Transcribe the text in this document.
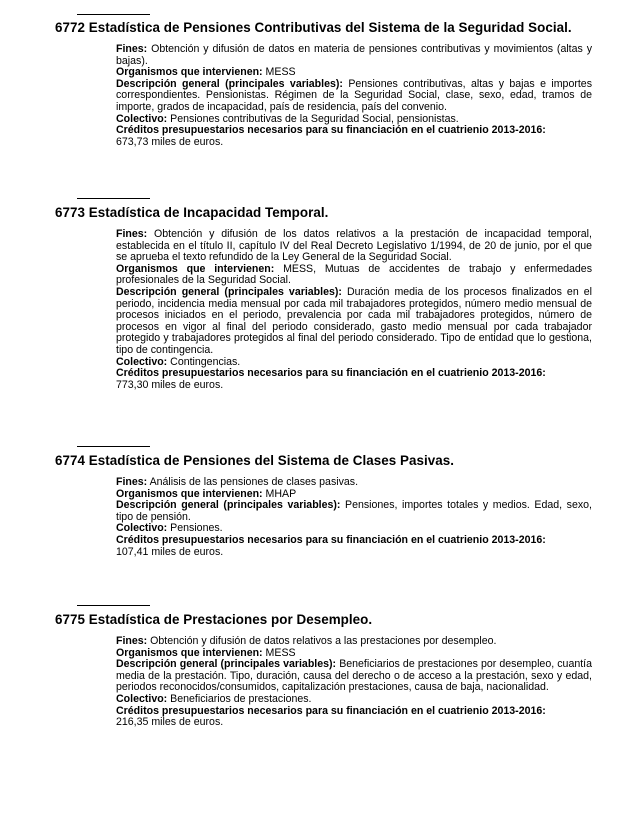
6772 Estadística de Pensiones Contributivas del Sistema de la Seguridad Social.

Fines: Obtención y difusión de datos en materia de pensiones contributivas y movimientos (altas y bajas).

Organismos que intervienen: MESS

Descripción general (principales variables): Pensiones contributivas, altas y bajas e importes correspondientes. Pensionistas. Régimen de la Seguridad Social, clase, sexo, edad, tramos de importe, grados de incapacidad, país de residencia, país del convenio.

Colectivo: Pensiones contributivas de la Seguridad Social, pensionistas.

Créditos presupuestarios necesarios para su financiación en el cuatrienio 2013-2016:
673,73 miles de euros.

6773 Estadística de Incapacidad Temporal.

Fines: Obtención y difusión de los datos relativos a la prestación de incapacidad temporal, establecida en el título II, capítulo IV del Real Decreto Legislativo 1/1994, de 20 de junio, por el que se aprueba el texto refundido de la Ley General de la Seguridad Social.

Organismos que intervienen: MESS, Mutuas de accidentes de trabajo y enfermedades profesionales de la Seguridad Social.

Descripción general (principales variables): Duración media de los procesos finalizados en el periodo, incidencia media mensual por cada mil trabajadores protegidos, número medio mensual de procesos iniciados en el periodo, prevalencia por cada mil trabajadores protegidos, número de procesos en vigor al final del periodo considerado, gasto medio mensual por cada trabajador protegido y trabajadores protegidos al final del periodo considerado. Tipo de entidad que lo gestiona, tipo de contingencia.

Colectivo: Contingencias.

Créditos presupuestarios necesarios para su financiación en el cuatrienio 2013-2016:
773,30 miles de euros.

6774 Estadística de Pensiones del Sistema de Clases Pasivas.

Fines: Análisis de las pensiones de clases pasivas.

Organismos que intervienen: MHAP

Descripción general (principales variables): Pensiones, importes totales y medios. Edad, sexo, tipo de pensión.

Colectivo: Pensiones.

Créditos presupuestarios necesarios para su financiación en el cuatrienio 2013-2016:
107,41 miles de euros.

6775 Estadística de Prestaciones por Desempleo.

Fines: Obtención y difusión de datos relativos a las prestaciones por desempleo.

Organismos que intervienen: MESS

Descripción general (principales variables): Beneficiarios de prestaciones por desempleo, cuantía media de la prestación. Tipo, duración, causa del derecho o de acceso a la prestación, sexo y edad, periodos reconocidos/consumidos, capitalización prestaciones, causa de baja, nacionalidad.

Colectivo: Beneficiarios de prestaciones.

Créditos presupuestarios necesarios para su financiación en el cuatrienio 2013-2016:
216,35 miles de euros.
